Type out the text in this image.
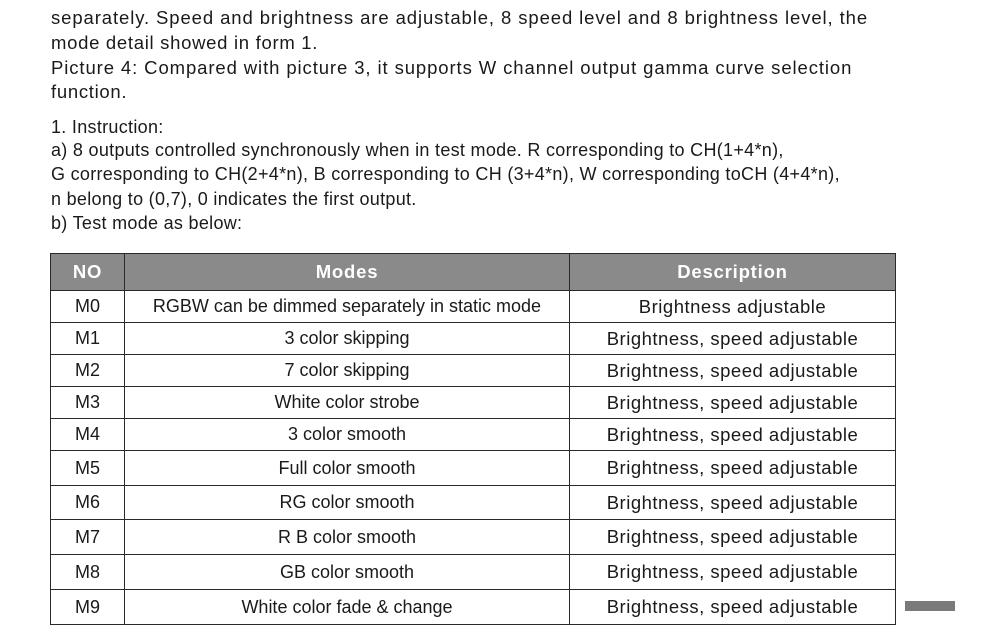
separately. Speed and brightness are adjustable, 8 speed level and 8 brightness level, the
mode detail showed in form 1.
Picture 4: Compared with picture 3, it supports W channel output gamma curve selection
function.
1. Instruction:
a) 8 outputs controlled synchronously when in test mode. R corresponding to CH(1+4*n),
G corresponding to CH(2+4*n), B corresponding to CH (3+4*n), W corresponding toCH (4+4*n),
n belong to (0,7), 0 indicates the first output.
b) Test mode as below:
NO	Modes	Description
M0	RGBW can be dimmed separately in static mode	Brightness adjustable
M1	3 color skipping	Brightness, speed adjustable
M2	7 color skipping	Brightness, speed adjustable
M3	White color strobe	Brightness, speed adjustable
M4	3 color smooth	Brightness, speed adjustable
M5	Full color smooth	Brightness, speed adjustable
M6	RG color smooth	Brightness, speed adjustable
M7	R B color smooth	Brightness, speed adjustable
M8	GB color smooth	Brightness, speed adjustable
M9	White color fade & change	Brightness, speed adjustable
